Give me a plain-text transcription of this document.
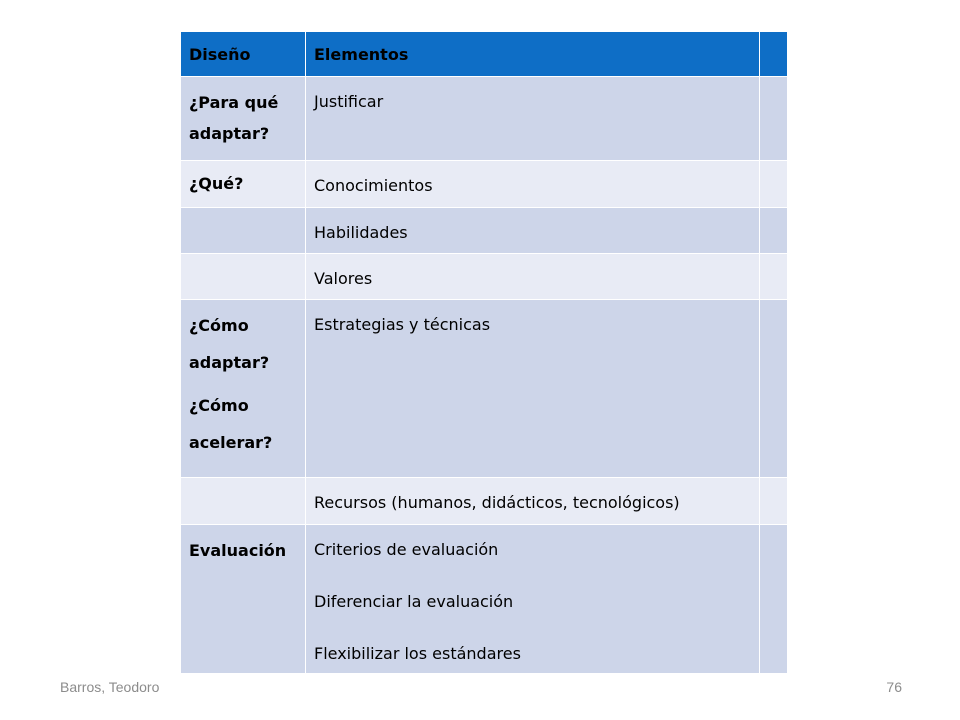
Diseño	Elementos	

¿Para qué
adaptar?	Justificar	

¿Qué?	Conocimientos	

	Habilidades	

	Valores	

¿Cómo
adaptar?
¿Cómo
acelerar?	Estrategias y técnicas	

	Recursos (humanos, didácticos, tecnológicos)	

Evaluación	Criterios de evaluación
Diferenciar la evaluación
Flexibilizar los estándares	

Barros, Teodoro	76
